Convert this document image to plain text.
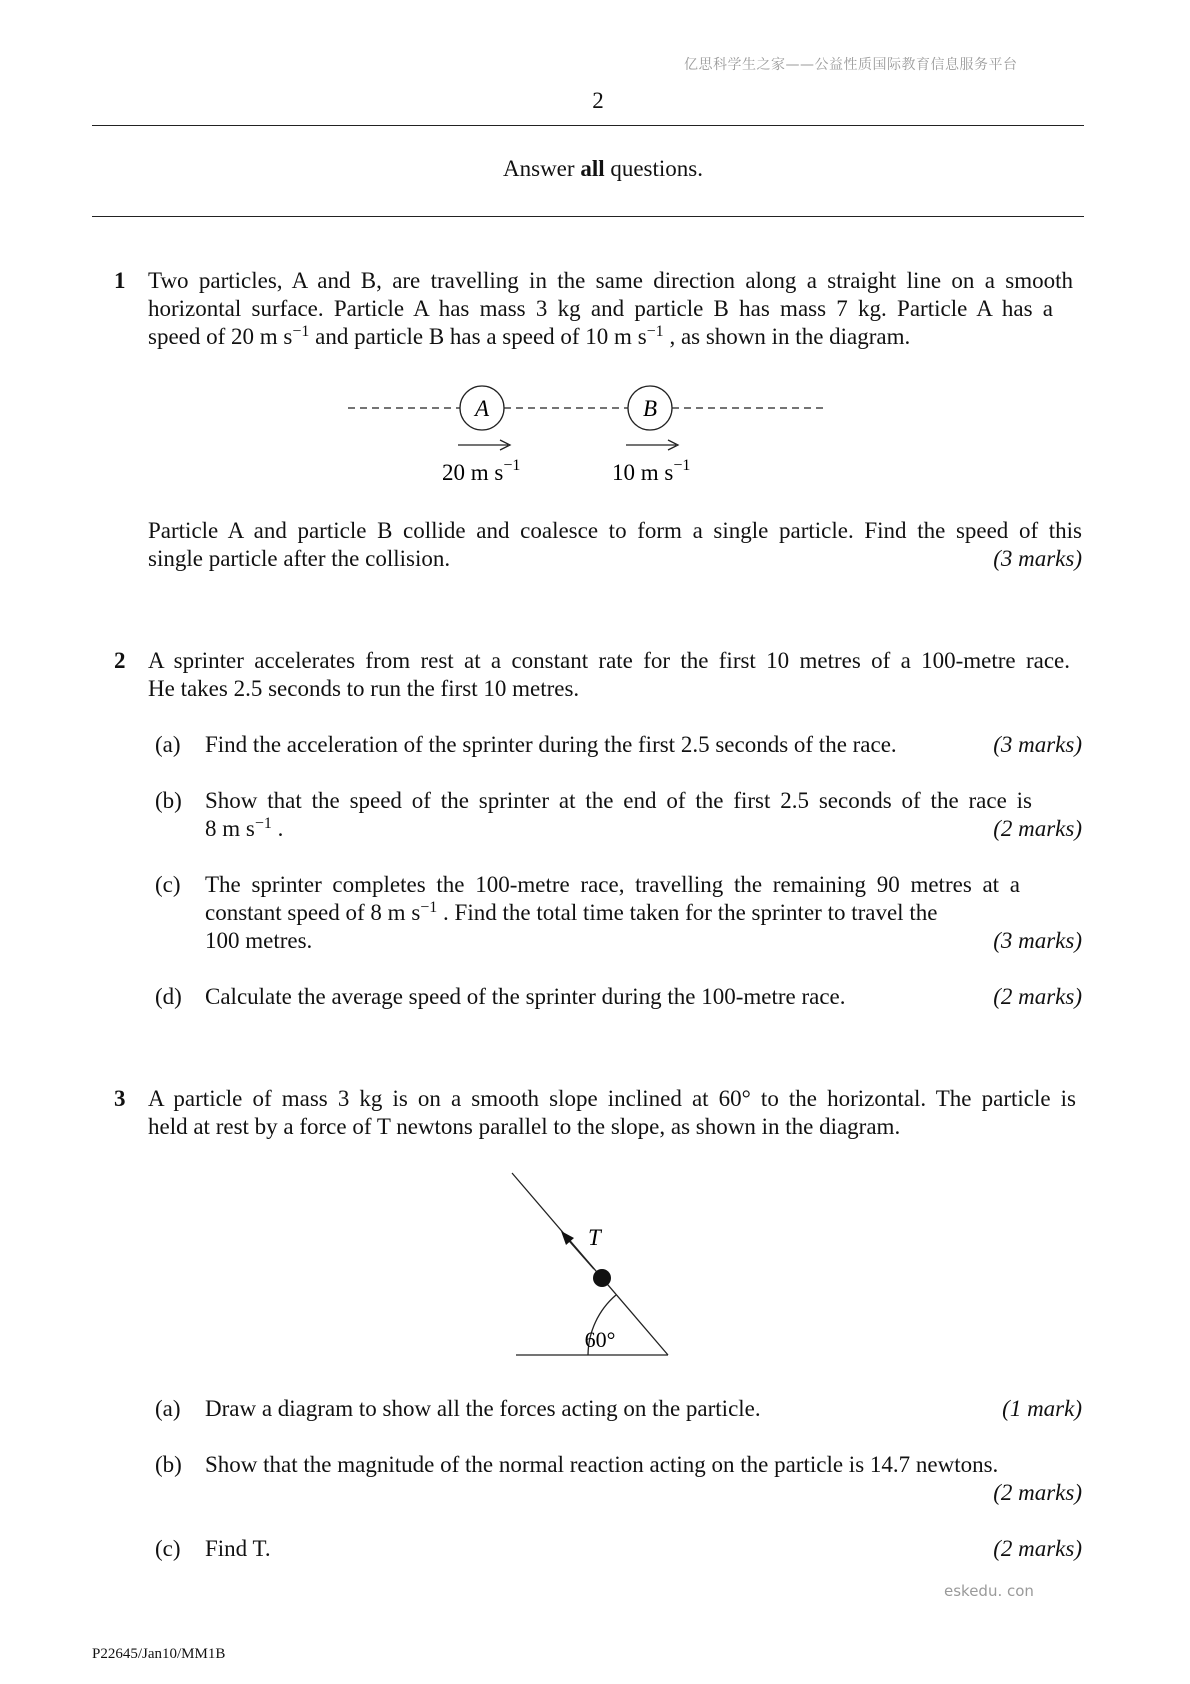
亿思科学生之家——公益性质国际教育信息服务平台
2
Answer all questions.
1 Two particles, A and B, are travelling in the same direction along a straight line on a smooth
horizontal surface. Particle A has mass 3 kg and particle B has mass 7 kg. Particle A has a
speed of 20 m $s^{-1}$ and particle B has a speed of 10 m $s^{-1}$ , as shown in the diagram.
A	B
20 m $s^{-1}$	10 m $s^{-1}$
Particle A and particle B collide and coalesce to form a single particle. Find the speed of this
single particle after the collision.	(3 marks)
2 A sprinter accelerates from rest at a constant rate for the first 10 metres of a 100-metre race.
He takes 2.5 seconds to run the first 10 metres.
(a)	Find the acceleration of the sprinter during the first 2.5 seconds of the race.	(3 marks)
(b)	Show that the speed of the sprinter at the end of the first 2.5 seconds of the race is
8 m $s^{-1}$ .	(2 marks)
(c)	The sprinter completes the 100-metre race, travelling the remaining 90 metres at a
constant speed of 8 m $s^{-1}$ . Find the total time taken for the sprinter to travel the
100 metres.	(3 marks)
(d)	Calculate the average speed of the sprinter during the 100-metre race.	(2 marks)
3 A particle of mass 3 kg is on a smooth slope inclined at 60° to the horizontal. The particle is
held at rest by a force of T newtons parallel to the slope, as shown in the diagram.
60°
T
(a)	Draw a diagram to show all the forces acting on the particle.	(1 mark)
(b)	Show that the magnitude of the normal reaction acting on the particle is 14.7 newtons.
(2 marks)
(c)	Find T.	(2 marks)
eskedu. con
P22645/Jan10/MM1B
